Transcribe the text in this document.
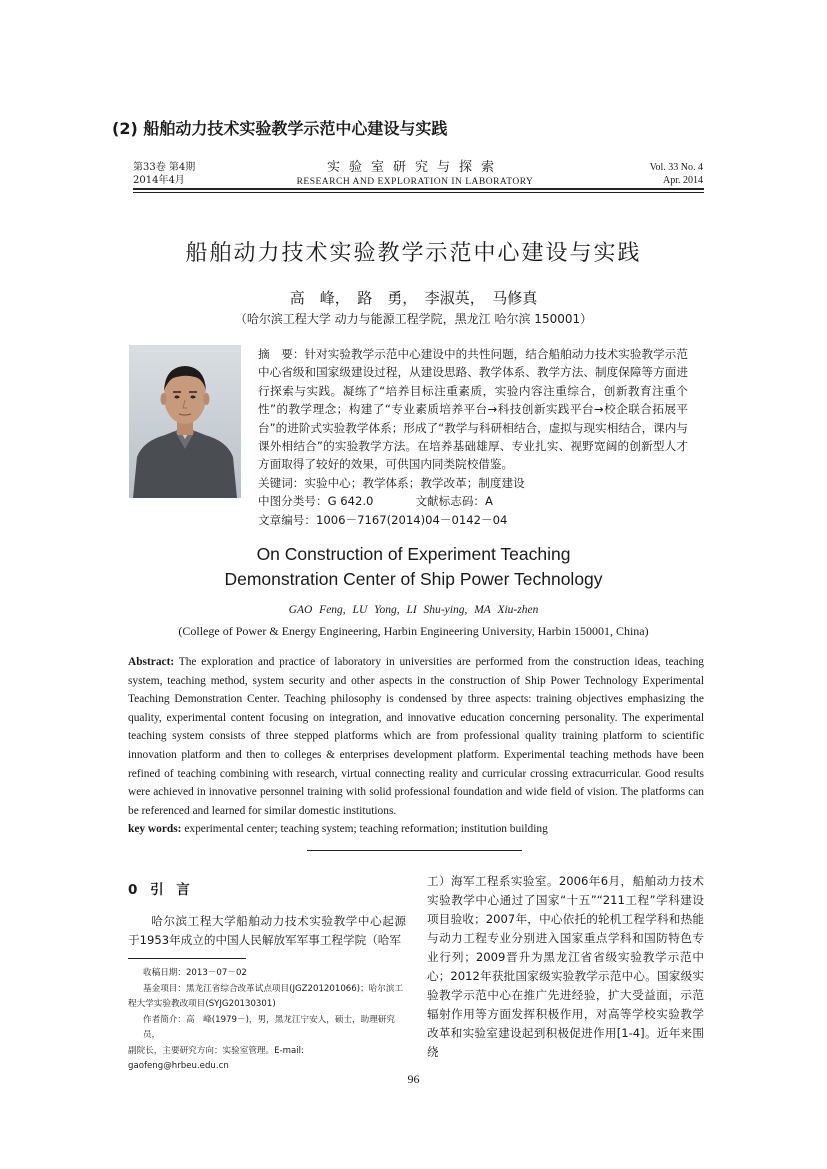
(2) 船舶动力技术实验教学示范中心建设与实践
第33卷 第4期
2014年4月
实验室研究与探索
RESEARCH AND EXPLORATION IN LABORATORY
Vol. 33 No. 4
Apr. 2014
船舶动力技术实验教学示范中心建设与实践
高　峰，　路　勇，　李淑英，　马修真
（哈尔滨工程大学 动力与能源工程学院，黑龙江 哈尔滨 150001）

摘　要：针对实验教学示范中心建设中的共性问题，结合船舶动力技术实验教学示范中心省级和国家级建设过程，从建设思路、教学体系、教学方法、制度保障等方面进行探索与实践。凝练了“培养目标注重素质，实验内容注重综合，创新教育注重个性”的教学理念；构建了“专业素质培养平台→科技创新实践平台→校企联合拓展平台”的进阶式实验教学体系；形成了“教学与科研相结合，虚拟与现实相结合，课内与课外相结合”的实验教学方法。在培养基础雄厚、专业扎实、视野宽阔的创新型人才方面取得了较好的效果，可供国内同类院校借鉴。

关键词：实验中心；教学体系；教学改革；制度建设

中图分类号：G 642.0	文献标志码：A

文章编号：1006－7167(2014)04－0142－04

On Construction of Experiment Teaching
Demonstration Center of Ship Power Technology
GAO Feng, LU Yong, LI Shu-ying, MA Xiu-zhen
(College of Power & Energy Engineering, Harbin Engineering University, Harbin 150001, China)

Abstract: The exploration and practice of laboratory in universities are performed from the construction ideas, teaching system, teaching method, system security and other aspects in the construction of Ship Power Technology Experimental Teaching Demonstration Center. Teaching philosophy is condensed by three aspects: training objectives emphasizing the quality, experimental content focusing on integration, and innovative education concerning personality. The experimental teaching system consists of three stepped platforms which are from professional quality training platform to scientific innovation platform and then to colleges & enterprises development platform. Experimental teaching methods have been refined of teaching combining with research, virtual connecting reality and curricular crossing extracurricular. Good results were achieved in innovative personnel training with solid professional foundation and wide field of vision. The platforms can be referenced and learned for similar domestic institutions.

key words: experimental center; teaching system; teaching reformation; institution building

0 引 言

哈尔滨工程大学船舶动力技术实验教学中心起源于1953年成立的中国人民解放军军事工程学院（哈军

收稿日期：2013－07－02

基金项目：黑龙江省综合改革试点项目(JGZ201201066)；哈尔滨工

程大学实验教改项目(SYJG20130301)

作者简介：高　峰(1979－)，男，黑龙江宁安人，硕士，助理研究员，

副院长，主要研究方向：实验室管理。E-mail: gaofeng@hrbeu.edu.cn

工）海军工程系实验室。2006年6月，船舶动力技术实验教学中心通过了国家“十五”“211工程”学科建设项目验收；2007年，中心依托的轮机工程学科和热能与动力工程专业分别进入国家重点学科和国防特色专业行列；2009晋升为黑龙江省省级实验教学示范中心；2012年获批国家级实验教学示范中心。国家级实验教学示范中心在推广先进经验，扩大受益面，示范辐射作用等方面发挥积极作用，对高等学校实验教学改革和实验室建设起到积极促进作用[1-4]。近年来围绕

96
